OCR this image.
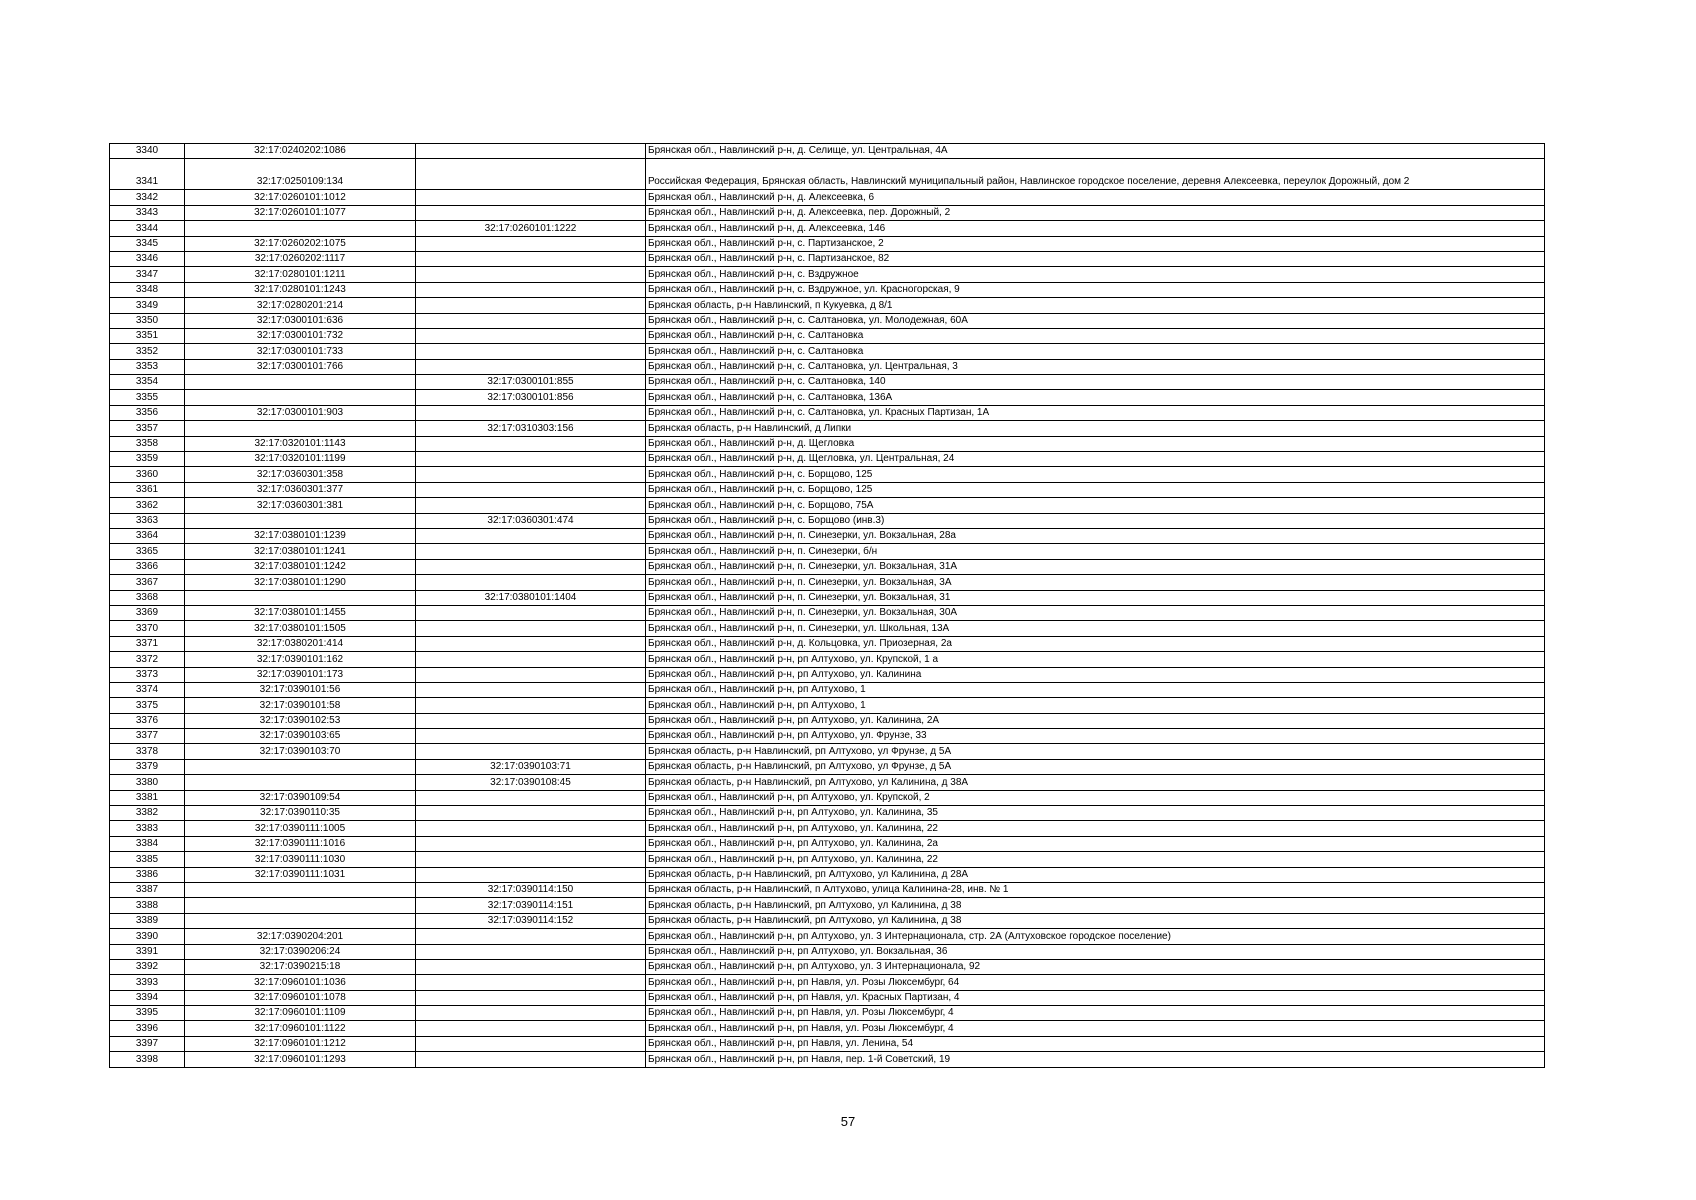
3340	32:17:0240202:1086		Брянская обл., Навлинский р-н, д. Селище, ул. Центральная, 4А
3341	32:17:0250109:134		Российская Федерация, Брянская область, Навлинский муниципальный район, Навлинское городское поселение, деревня Алексеевка, переулок Дорожный, дом 2
3342	32:17:0260101:1012		Брянская обл., Навлинский р-н, д. Алексеевка, 6
3343	32:17:0260101:1077		Брянская обл., Навлинский р-н, д. Алексеевка, пер. Дорожный, 2
3344		32:17:0260101:1222	Брянская обл., Навлинский р-н, д. Алексеевка, 146
3345	32:17:0260202:1075		Брянская обл., Навлинский р-н, с. Партизанское, 2
3346	32:17:0260202:1117		Брянская обл., Навлинский р-н, с. Партизанское, 82
3347	32:17:0280101:1211		Брянская обл., Навлинский р-н, с. Вздружное
3348	32:17:0280101:1243		Брянская обл., Навлинский р-н, с. Вздружное, ул. Красногорская, 9
3349	32:17:0280201:214		Брянская область, р-н Навлинский, п Кукуевка, д 8/1
3350	32:17:0300101:636		Брянская обл., Навлинский р-н, с. Салтановка, ул. Молодежная, 60А
3351	32:17:0300101:732		Брянская обл., Навлинский р-н, с. Салтановка
3352	32:17:0300101:733		Брянская обл., Навлинский р-н, с. Салтановка
3353	32:17:0300101:766		Брянская обл., Навлинский р-н, с. Салтановка, ул. Центральная, 3
3354		32:17:0300101:855	Брянская обл., Навлинский р-н, с. Салтановка, 140
3355		32:17:0300101:856	Брянская обл., Навлинский р-н, с. Салтановка, 136А
3356	32:17:0300101:903		Брянская обл., Навлинский р-н, с. Салтановка, ул. Красных Партизан, 1А
3357		32:17:0310303:156	Брянская область, р-н Навлинский, д Липки
3358	32:17:0320101:1143		Брянская обл., Навлинский р-н, д. Щегловка
3359	32:17:0320101:1199		Брянская обл., Навлинский р-н, д. Щегловка, ул. Центральная, 24
3360	32:17:0360301:358		Брянская обл., Навлинский р-н, с. Борщово, 125
3361	32:17:0360301:377		Брянская обл., Навлинский р-н, с. Борщово, 125
3362	32:17:0360301:381		Брянская обл., Навлинский р-н, с. Борщово, 75А
3363		32:17:0360301:474	Брянская обл., Навлинский р-н, с. Борщово (инв.3)
3364	32:17:0380101:1239		Брянская обл., Навлинский р-н, п. Синезерки, ул. Вокзальная, 28а
3365	32:17:0380101:1241		Брянская обл., Навлинский р-н, п. Синезерки, б/н
3366	32:17:0380101:1242		Брянская обл., Навлинский р-н, п. Синезерки, ул. Вокзальная, 31А
3367	32:17:0380101:1290		Брянская обл., Навлинский р-н, п. Синезерки, ул. Вокзальная, 3А
3368		32:17:0380101:1404	Брянская обл., Навлинский р-н, п. Синезерки, ул. Вокзальная, 31
3369	32:17:0380101:1455		Брянская обл., Навлинский р-н, п. Синезерки, ул. Вокзальная, 30А
3370	32:17:0380101:1505		Брянская обл., Навлинский р-н, п. Синезерки, ул. Школьная, 13А
3371	32:17:0380201:414		Брянская обл., Навлинский р-н, д. Кольцовка, ул. Приозерная, 2а
3372	32:17:0390101:162		Брянская обл., Навлинский р-н, рп Алтухово, ул. Крупской, 1 а
3373	32:17:0390101:173		Брянская обл., Навлинский р-н, рп Алтухово, ул. Калинина
3374	32:17:0390101:56		Брянская обл., Навлинский р-н, рп Алтухово, 1
3375	32:17:0390101:58		Брянская обл., Навлинский р-н, рп Алтухово, 1
3376	32:17:0390102:53		Брянская обл., Навлинский р-н, рп Алтухово, ул. Калинина, 2А
3377	32:17:0390103:65		Брянская обл., Навлинский р-н, рп Алтухово, ул. Фрунзе, 33
3378	32:17:0390103:70		Брянская область, р-н Навлинский, рп Алтухово, ул Фрунзе, д 5А
3379		32:17:0390103:71	Брянская область, р-н Навлинский, рп Алтухово, ул Фрунзе, д 5А
3380		32:17:0390108:45	Брянская область, р-н Навлинский, рп Алтухово, ул Калинина, д 38А
3381	32:17:0390109:54		Брянская обл., Навлинский р-н, рп Алтухово, ул. Крупской, 2
3382	32:17:0390110:35		Брянская обл., Навлинский р-н, рп Алтухово, ул. Калинина, 35
3383	32:17:0390111:1005		Брянская обл., Навлинский р-н, рп Алтухово, ул. Калинина, 22
3384	32:17:0390111:1016		Брянская обл., Навлинский р-н, рп Алтухово, ул. Калинина, 2а
3385	32:17:0390111:1030		Брянская обл., Навлинский р-н, рп Алтухово, ул. Калинина, 22
3386	32:17:0390111:1031		Брянская область, р-н Навлинский, рп Алтухово, ул Калинина, д 28А
3387		32:17:0390114:150	Брянская область, р-н Навлинский, п Алтухово, улица Калинина-28, инв. № 1
3388		32:17:0390114:151	Брянская область, р-н Навлинский, рп Алтухово, ул Калинина, д 38
3389		32:17:0390114:152	Брянская область, р-н Навлинский, рп Алтухово, ул Калинина, д 38
3390	32:17:0390204:201		Брянская обл., Навлинский р-н, рп Алтухово, ул. 3 Интернационала, стр. 2А (Алтуховское городское поселение)
3391	32:17:0390206:24		Брянская обл., Навлинский р-н, рп Алтухово, ул. Вокзальная, 36
3392	32:17:0390215:18		Брянская обл., Навлинский р-н, рп Алтухово, ул. 3 Интернационала, 92
3393	32:17:0960101:1036		Брянская обл., Навлинский р-н, рп Навля, ул. Розы Люксембург, 64
3394	32:17:0960101:1078		Брянская обл., Навлинский р-н, рп Навля, ул. Красных Партизан, 4
3395	32:17:0960101:1109		Брянская обл., Навлинский р-н, рп Навля, ул. Розы Люксембург, 4
3396	32:17:0960101:1122		Брянская обл., Навлинский р-н, рп Навля, ул. Розы Люксембург, 4
3397	32:17:0960101:1212		Брянская обл., Навлинский р-н, рп Навля, ул. Ленина, 54
3398	32:17:0960101:1293		Брянская обл., Навлинский р-н, рп Навля, пер. 1-й Советский, 19
57
